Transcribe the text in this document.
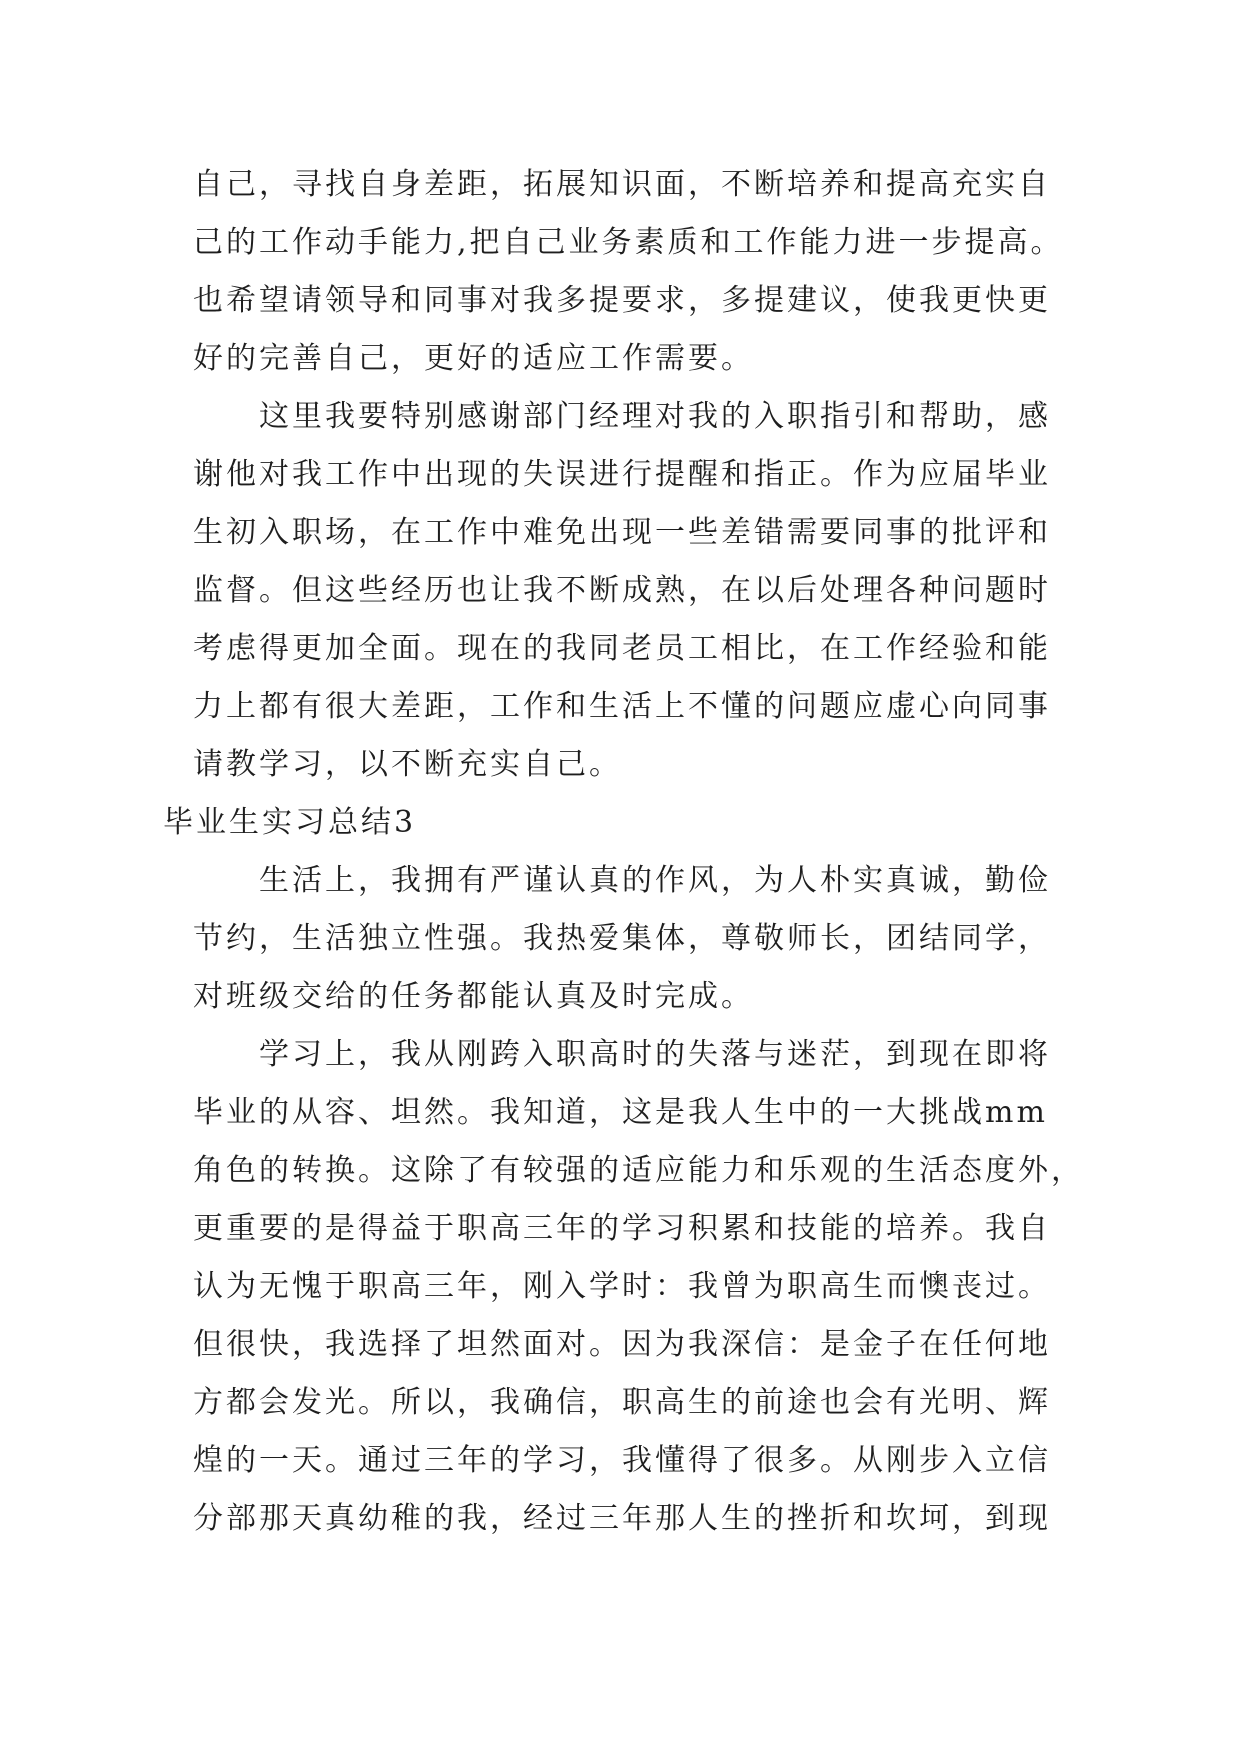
自己，寻找自身差距，拓展知识面，不断培养和提高充实自
己的工作动手能力,把自己业务素质和工作能力进一步提高。
也希望请领导和同事对我多提要求，多提建议，使我更快更
好的完善自己，更好的适应工作需要。
这里我要特别感谢部门经理对我的入职指引和帮助，感
谢他对我工作中出现的失误进行提醒和指正。作为应届毕业
生初入职场，在工作中难免出现一些差错需要同事的批评和
监督。但这些经历也让我不断成熟，在以后处理各种问题时
考虑得更加全面。现在的我同老员工相比，在工作经验和能
力上都有很大差距，工作和生活上不懂的问题应虚心向同事
请教学习，以不断充实自己。
毕业生实习总结3
生活上，我拥有严谨认真的作风，为人朴实真诚，勤俭
节约，生活独立性强。我热爱集体，尊敬师长，团结同学，
对班级交给的任务都能认真及时完成。
学习上，我从刚跨入职高时的失落与迷茫，到现在即将
毕业的从容、坦然。我知道，这是我人生中的一大挑战mm
角色的转换。这除了有较强的适应能力和乐观的生活态度外，
更重要的是得益于职高三年的学习积累和技能的培养。我自
认为无愧于职高三年，刚入学时：我曾为职高生而懊丧过。
但很快，我选择了坦然面对。因为我深信：是金子在任何地
方都会发光。所以，我确信，职高生的前途也会有光明、辉
煌的一天。通过三年的学习，我懂得了很多。从刚步入立信
分部那天真幼稚的我，经过三年那人生的挫折和坎坷，到现
